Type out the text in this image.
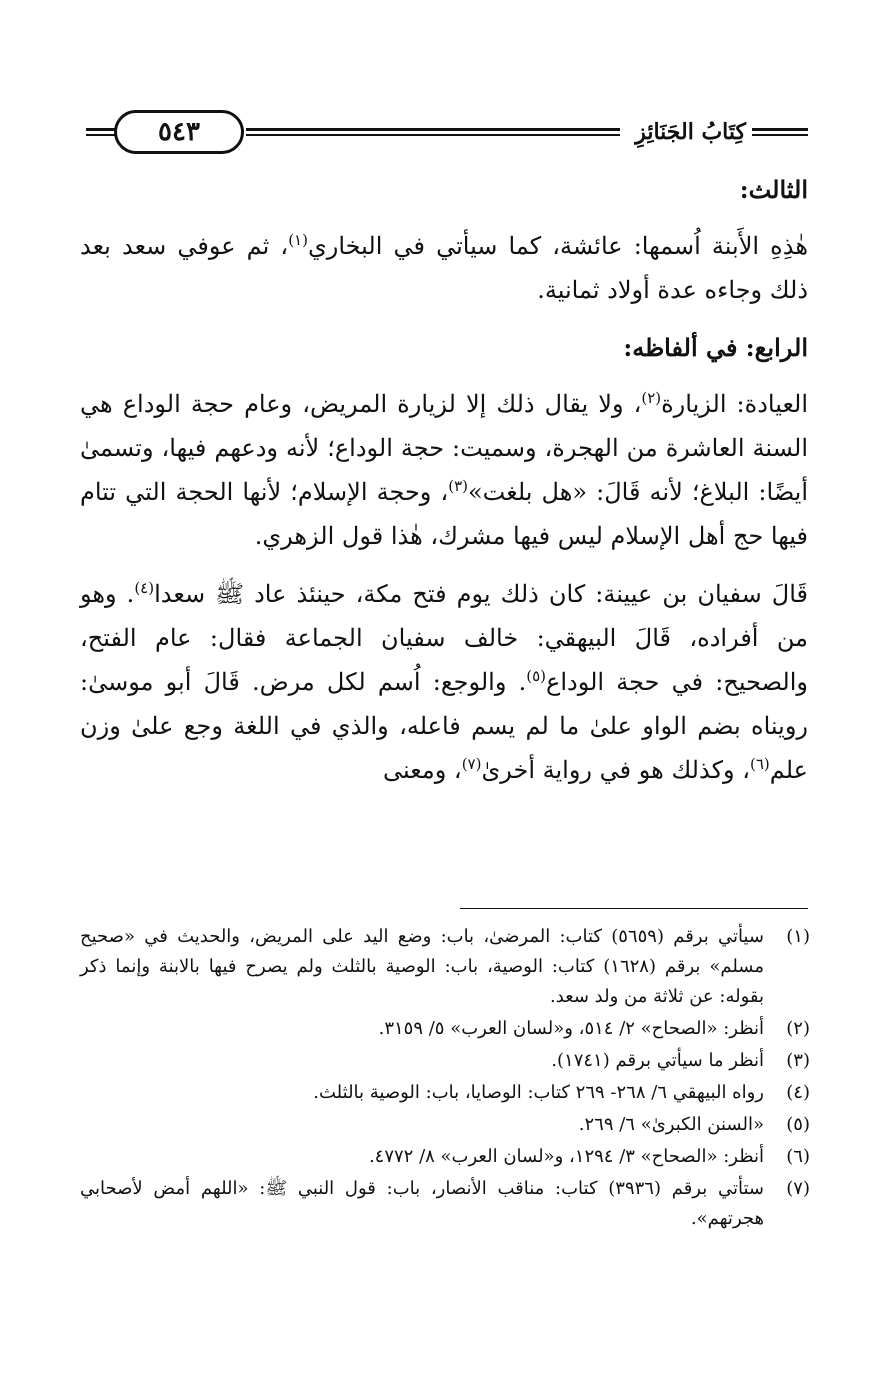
٥٤٣	كِتَابُ الجَنَائِزِ

الثالث:

هٰذِهِ الأَبنة اُسمها: عائشة، كما سيأتي في البخاري$^{(١)}$، ثم عوفي سعد بعد ذلك وجاءه عدة أولاد ثمانية.

الرابع: في ألفاظه:

العيادة: الزيارة$^{(٢)}$، ولا يقال ذلك إلا لزيارة المريض، وعام حجة الوداع هي السنة العاشرة من الهجرة، وسميت: حجة الوداع؛ لأنه ودعهم فيها، وتسمىٰ أيضًا: البلاغ؛ لأنه قَالَ: «هل بلغت»$^{(٣)}$، وحجة الإسلام؛ لأنها الحجة التي تتام فيها حج أهل الإسلام ليس فيها مشرك، هٰذا قول الزهري.

قَالَ سفيان بن عيينة: كان ذلك يوم فتح مكة، حينئذ عاد ﷺ سعدا$^{(٤)}$. وهو من أفراده، قَالَ البيهقي: خالف سفيان الجماعة فقال: عام الفتح، والصحيح: في حجة الوداع$^{(٥)}$. والوجع: اُسم لكل مرض. قَالَ أبو موسىٰ: رويناه بضم الواو علىٰ ما لم يسم فاعله، والذي في اللغة وجع علىٰ وزن علم$^{(٦)}$، وكذلك هو في رواية أخرىٰ$^{(٧)}$، ومعنى

(١)
سيأتي برقم (٥٦٥٩) كتاب: المرضىٰ، باب: وضع اليد على المريض، والحديث في «صحيح مسلم» برقم (١٦٢٨) كتاب: الوصية، باب: الوصية بالثلث ولم يصرح فيها بالابنة وإنما ذكر بقوله: عن ثلاثة من ولد سعد.
(٢)
أنظر: «الصحاح» ٢/ ٥١٤، و«لسان العرب» ٥/ ٣١٥٩.
(٣)
أنظر ما سيأتي برقم (١٧٤١).
(٤)
رواه البيهقي ٦/ ٢٦٨- ٢٦٩ كتاب: الوصايا، باب: الوصية بالثلث.
(٥)
«السنن الكبرىٰ» ٦/ ٢٦٩.
(٦)
أنظر: «الصحاح» ٣/ ١٢٩٤، و«لسان العرب» ٨/ ٤٧٧٢.
(٧)
ستأتي برقم (٣٩٣٦) كتاب: مناقب الأنصار، باب: قول النبي ﷺ: «اللهم أمض لأصحابي هجرتهم».
